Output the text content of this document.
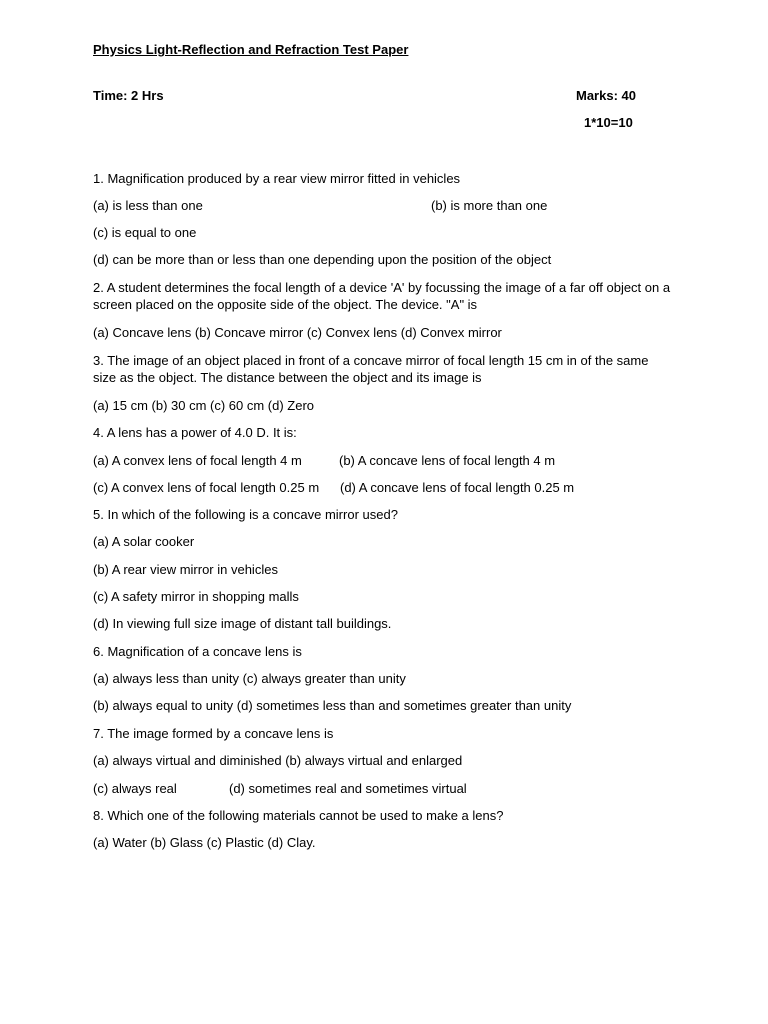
Physics Light-Reflection and Refraction Test Paper
Time: 2 Hrs	Marks: 40
1*10=10
1. Magnification produced by a rear view mirror fitted in vehicles
(a) is less than one	(b) is more than one
(c) is equal to one
(d) can be more than or less than one depending upon the position of the object
2. A student determines the focal length of a device 'A' by focussing the image of a far off object on a screen placed on the opposite side of the object. The device. "A" is
(a) Concave lens (b) Concave mirror (c) Convex lens (d) Convex mirror
3. The image of an object placed in front of a concave mirror of focal length 15 cm in of the same size as the object. The distance between the object and its image is
(a) 15 cm (b) 30 cm (c) 60 cm (d) Zero
4. A lens has a power of 4.0 D. It is:
(a) A convex lens of focal length 4 m	(b) A concave lens of focal length 4 m
(c) A convex lens of focal length 0.25 m (d) A concave lens of focal length 0.25 m
5. In which of the following is a concave mirror used?
(a) A solar cooker
(b) A rear view mirror in vehicles
(c) A safety mirror in shopping malls
(d) In viewing full size image of distant tall buildings.
6. Magnification of a concave lens is
(a) always less than unity (c) always greater than unity
(b) always equal to unity (d) sometimes less than and sometimes greater than unity
7. The image formed by a concave lens is
(a) always virtual and diminished (b) always virtual and enlarged
(c) always real	(d) sometimes real and sometimes virtual
8. Which one of the following materials cannot be used to make a lens?
(a) Water (b) Glass (c) Plastic (d) Clay.
